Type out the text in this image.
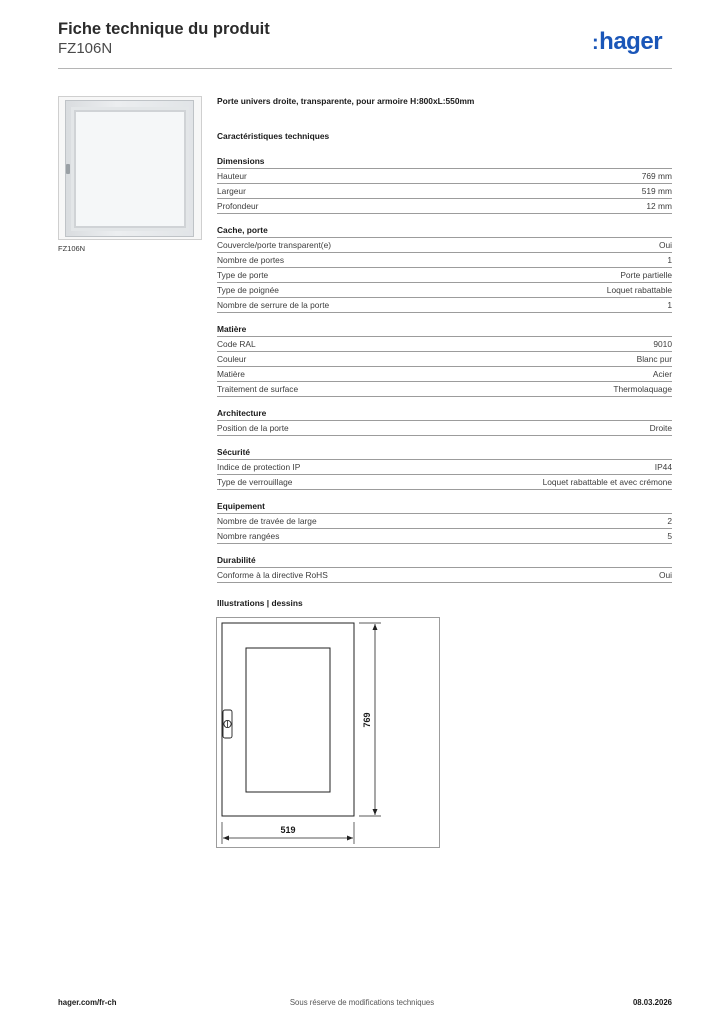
Fiche technique du produit
FZ106N	:hager
FZ106N
Porte univers droite, transparente, pour armoire H:800xL:550mm
Caractéristiques techniques
Dimensions
Hauteur	769 mm
Largeur	519 mm
Profondeur	12 mm
Cache, porte
Couvercle/porte transparent(e)	Oui
Nombre de portes	1
Type de porte	Porte partielle
Type de poignée	Loquet rabattable
Nombre de serrure de la porte	1
Matière
Code RAL	9010
Couleur	Blanc pur
Matière	Acier
Traitement de surface	Thermolaquage
Architecture
Position de la porte	Droite
Sécurité
Indice de protection IP	IP44
Type de verrouillage	Loquet rabattable et avec crémone
Equipement
Nombre de travée de large	2
Nombre rangées	5
Durabilité
Conforme à la directive RoHS	Oui
Illustrations | dessins
519
769
hager.com/fr-ch	Sous réserve de modifications techniques	08.03.2026
